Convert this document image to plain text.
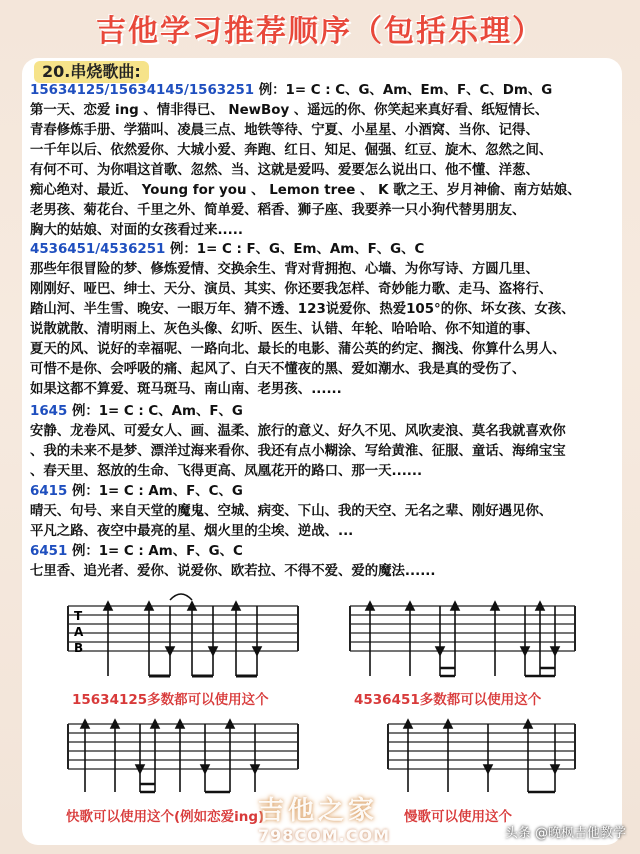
吉他学习推荐顺序（包括乐理）
20.串烧歌曲:
15634125/15634145/1563251 例：1= C : C、G、Am、Em、F、C、Dm、G
第一天、恋爱 ing 、情非得已、 NewBoy 、遥远的你、你笑起来真好看、纸短情长、
青春修炼手册、学猫叫、凌晨三点、地铁等待、宁夏、小星星、小酒窝、当你、记得、
一千年以后、依然爱你、大城小爱、奔跑、红日、知足、倔强、红豆、旋木、忽然之间、
有何不可、为你唱这首歌、忽然、当、这就是爱吗、爱要怎么说出口、他不懂、洋葱、
痴心绝对、最近、 Young for you 、 Lemon tree 、 K 歌之王、岁月神偷、南方姑娘、
老男孩、菊花台、千里之外、简单爱、稻香、狮子座、我要养一只小狗代替男朋友、
胸大的姑娘、对面的女孩看过来.....
4536451/4536251 例：1= C : F、G、Em、Am、F、G、C
那些年很冒险的梦、修炼爱情、交换余生、背对背拥抱、心墙、为你写诗、方圆几里、
刚刚好、哑巴、绅士、天分、演员、其实、你还要我怎样、奇妙能力歌、走马、盗将行、
踏山河、半生雪、晚安、一眼万年、猜不透、123说爱你、热爱105°的你、坏女孩、女孩、
说散就散、清明雨上、灰色头像、幻听、医生、认错、年轮、哈哈哈、你不知道的事、
夏天的风、说好的幸福呢、一路向北、最长的电影、蒲公英的约定、搁浅、你算什么男人、
可惜不是你、会呼吸的痛、起风了、白天不懂夜的黑、爱如潮水、我是真的受伤了、
如果这都不算爱、斑马斑马、南山南、老男孩、......
1645 例：1= C : C、Am、F、G
安静、龙卷风、可爱女人、画、温柔、旅行的意义、好久不见、风吹麦浪、莫名我就喜欢你
、我的未来不是梦、漂洋过海来看你、我还有点小糊涂、写给黄淮、征服、童话、海绵宝宝
、春天里、怒放的生命、飞得更高、凤凰花开的路口、那一天......
6415 例：1= C : Am、F、C、G
晴天、句号、来自天堂的魔鬼、空城、病变、下山、我的天空、无名之辈、刚好遇见你、
平凡之路、夜空中最亮的星、烟火里的尘埃、逆战、...
6451 例：1= C : Am、F、G、C
七里香、追光者、爱你、说爱你、欧若拉、不得不爱、爱的魔法......
T
A
B
15634125多数都可以使用这个	4536451多数都可以使用这个
快歌可以使用这个(例如恋爱ing)	慢歌可以使用这个
吉他之家
798COM.COM	头条 @晚枫吉他教学
